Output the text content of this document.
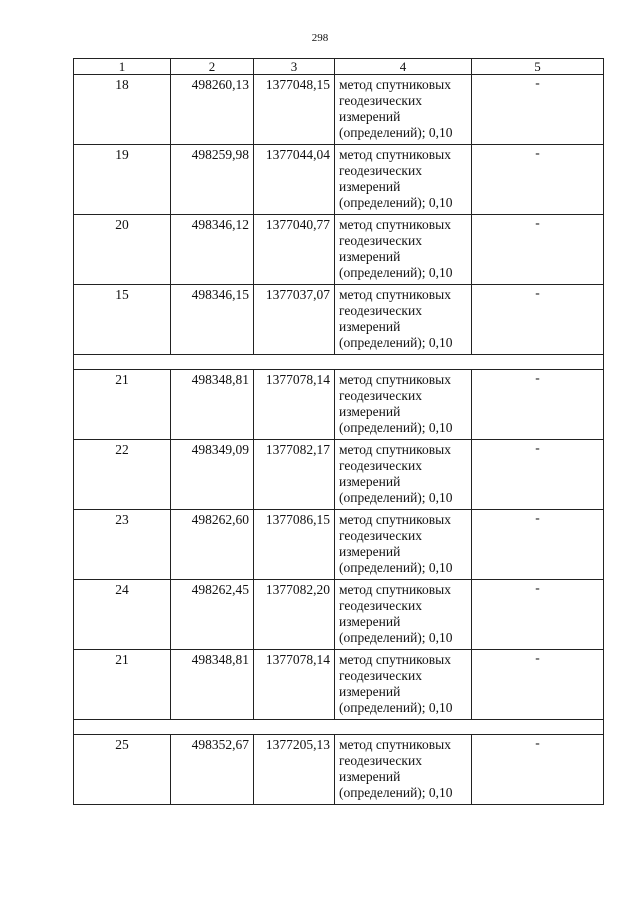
298
1	2	3	4	5
18	498260,13	1377048,15	метод спутниковых
геодезических
измерений
(определений); 0,10	-
19	498259,98	1377044,04	метод спутниковых
геодезических
измерений
(определений); 0,10	-
20	498346,12	1377040,77	метод спутниковых
геодезических
измерений
(определений); 0,10	-
15	498346,15	1377037,07	метод спутниковых
геодезических
измерений
(определений); 0,10	-

21	498348,81	1377078,14	метод спутниковых
геодезических
измерений
(определений); 0,10	-
22	498349,09	1377082,17	метод спутниковых
геодезических
измерений
(определений); 0,10	-
23	498262,60	1377086,15	метод спутниковых
геодезических
измерений
(определений); 0,10	-
24	498262,45	1377082,20	метод спутниковых
геодезических
измерений
(определений); 0,10	-
21	498348,81	1377078,14	метод спутниковых
геодезических
измерений
(определений); 0,10	-

25	498352,67	1377205,13	метод спутниковых
геодезических
измерений
(определений); 0,10	-
